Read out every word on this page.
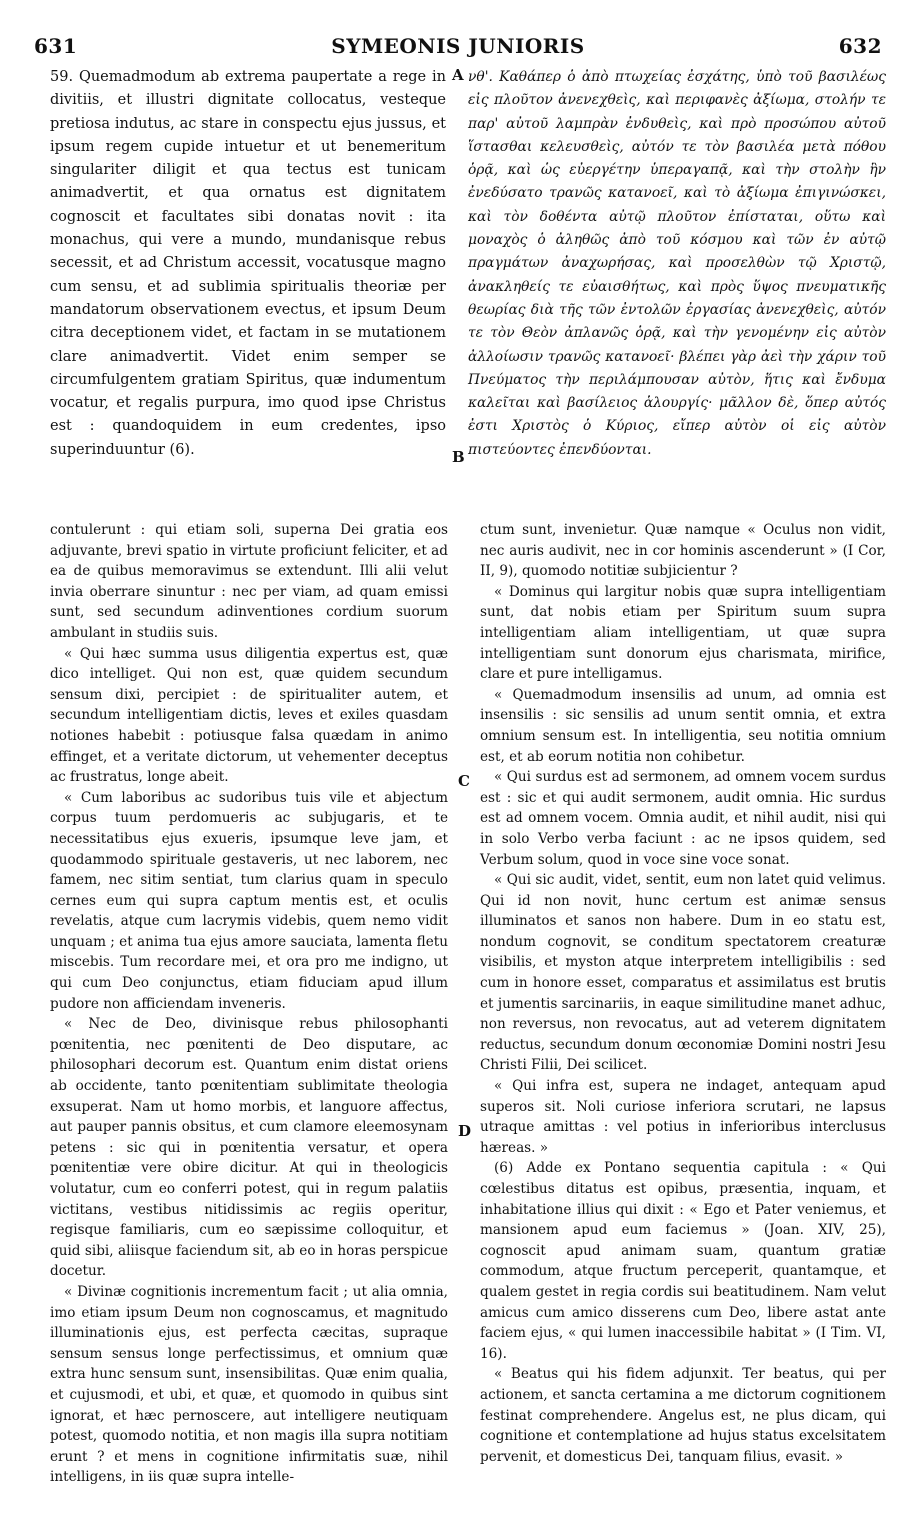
631	SYMEONIS JUNIORIS	632
59. Quemadmodum ab extrema paupertate a rege in divitiis, et illustri dignitate collocatus, vesteque pretiosa indutus, ac stare in conspectu ejus jussus, et ipsum regem cupide intuetur et ut benemeritum singulariter diligit et qua tectus est tunicam animadvertit, et qua ornatus est dignitatem cognoscit et facultates sibi donatas novit : ita monachus, qui vere a mundo, mundanisque rebus secessit, et ad Christum accessit, vocatusque magno cum sensu, et ad sublimia spiritualis theoriæ per mandatorum observationem evectus, et ipsum Deum citra deceptionem videt, et factam in se mutationem clare animadvertit. Videt enim semper se circumfulgentem gratiam Spiritus, quæ indumentum vocatur, et regalis purpura, imo quod ipse Christus est : quandoquidem in eum credentes, ipso superinduuntur (6).
νθ'. Καθάπερ ὁ ἀπὸ πτωχείας ἐσχάτης, ὑπὸ τοῦ βασιλέως εἰς πλοῦτον ἀνενεχθεὶς, καὶ περιφανὲς ἀξίωμα, στολήν τε παρ' αὐτοῦ λαμπρὰν ἐνδυθεὶς, καὶ πρὸ προσώπου αὐτοῦ ἵστασθαι κελευσθεὶς, αὐτόν τε τὸν βασιλέα μετὰ πόθου ὁρᾷ, καὶ ὡς εὐεργέτην ὑπεραγαπᾷ, καὶ τὴν στολὴν ἣν ἐνεδύσατο τρανῶς κατανοεῖ, καὶ τὸ ἀξίωμα ἐπιγινώσκει, καὶ τὸν δοθέντα αὐτῷ πλοῦτον ἐπίσταται, οὕτω καὶ μοναχὸς ὁ ἀληθῶς ἀπὸ τοῦ κόσμου καὶ τῶν ἐν αὐτῷ πραγμάτων ἀναχωρήσας, καὶ προσελθὼν τῷ Χριστῷ, ἀνακληθείς τε εὐαισθήτως, καὶ πρὸς ὕψος πνευματικῆς θεωρίας διὰ τῆς τῶν ἐντολῶν ἐργασίας ἀνενεχθεὶς, αὐτόν τε τὸν Θεὸν ἀπλανῶς ὁρᾷ, καὶ τὴν γενομένην εἰς αὐτὸν ἀλλοίωσιν τρανῶς κατανοεῖ· βλέπει γὰρ ἀεὶ τὴν χάριν τοῦ Πνεύματος τὴν περιλάμπουσαν αὐτὸν, ἥτις καὶ ἔνδυμα καλεῖται καὶ βασίλειος ἁλουργίς· μᾶλλον δὲ, ὅπερ αὐτός ἐστι Χριστὸς ὁ Κύριος, εἴπερ αὐτὸν οἱ εἰς αὐτὸν πιστεύοντες ἐπενδύονται.
A
B
C
D

contulerunt : qui etiam soli, superna Dei gratia eos adjuvante, brevi spatio in virtute proficiunt feliciter, et ad ea de quibus memoravimus se extendunt. Illi alii velut invia oberrare sinuntur : nec per viam, ad quam emissi sunt, sed secundum adinventiones cordium suorum ambulant in studiis suis.

« Qui hæc summa usus diligentia expertus est, quæ dico intelliget. Qui non est, quæ quidem secundum sensum dixi, percipiet : de spiritualiter autem, et secundum intelligentiam dictis, leves et exiles quasdam notiones habebit : potiusque falsa quædam in animo effinget, et a veritate dictorum, ut vehementer deceptus ac frustratus, longe abeit.

« Cum laboribus ac sudoribus tuis vile et abjectum corpus tuum perdomueris ac subjugaris, et te necessitatibus ejus exueris, ipsumque leve jam, et quodammodo spirituale gestaveris, ut nec laborem, nec famem, nec sitim sentiat, tum clarius quam in speculo cernes eum qui supra captum mentis est, et oculis revelatis, atque cum lacrymis videbis, quem nemo vidit unquam ; et anima tua ejus amore sauciata, lamenta fletu miscebis. Tum recordare mei, et ora pro me indigno, ut qui cum Deo conjunctus, etiam fiduciam apud illum pudore non afficiendam inveneris.

« Nec de Deo, divinisque rebus philosophanti pœnitentia, nec pœnitenti de Deo disputare, ac philosophari decorum est. Quantum enim distat oriens ab occidente, tanto pœnitentiam sublimitate theologia exsuperat. Nam ut homo morbis, et languore affectus, aut pauper pannis obsitus, et cum clamore eleemosynam petens : sic qui in pœnitentia versatur, et opera pœnitentiæ vere obire dicitur. At qui in theologicis volutatur, cum eo conferri potest, qui in regum palatiis victitans, vestibus nitidissimis ac regiis operitur, regisque familiaris, cum eo sæpissime colloquitur, et quid sibi, aliisque faciendum sit, ab eo in horas perspicue docetur.

« Divinæ cognitionis incrementum facit ; ut alia omnia, imo etiam ipsum Deum non cognoscamus, et magnitudo illuminationis ejus, est perfecta cæcitas, supraque sensum sensus longe perfectissimus, et omnium quæ extra hunc sensum sunt, insensibilitas. Quæ enim qualia, et cujusmodi, et ubi, et quæ, et quomodo in quibus sint ignorat, et hæc pernoscere, aut intelligere neutiquam potest, quomodo notitia, et non magis illa supra notitiam erunt ? et mens in cognitione infirmitatis suæ, nihil intelligens, in iis quæ supra intelle-

ctum sunt, invenietur. Quæ namque « Oculus non vidit, nec auris audivit, nec in cor hominis ascenderunt » (I Cor, II, 9), quomodo notitiæ subjicientur ?

« Dominus qui largitur nobis quæ supra intelligentiam sunt, dat nobis etiam per Spiritum suum supra intelligentiam aliam intelligentiam, ut quæ supra intelligentiam sunt donorum ejus charismata, mirifice, clare et pure intelligamus.

« Quemadmodum insensilis ad unum, ad omnia est insensilis : sic sensilis ad unum sentit omnia, et extra omnium sensum est. In intelligentia, seu notitia omnium est, et ab eorum notitia non cohibetur.

« Qui surdus est ad sermonem, ad omnem vocem surdus est : sic et qui audit sermonem, audit omnia. Hic surdus est ad omnem vocem. Omnia audit, et nihil audit, nisi qui in solo Verbo verba faciunt : ac ne ipsos quidem, sed Verbum solum, quod in voce sine voce sonat.

« Qui sic audit, videt, sentit, eum non latet quid velimus. Qui id non novit, hunc certum est animæ sensus illuminatos et sanos non habere. Dum in eo statu est, nondum cognovit, se conditum spectatorem creaturæ visibilis, et myston atque interpretem intelligibilis : sed cum in honore esset, comparatus et assimilatus est brutis et jumentis sarcinariis, in eaque similitudine manet adhuc, non reversus, non revocatus, aut ad veterem dignitatem reductus, secundum donum œconomiæ Domini nostri Jesu Christi Filii, Dei scilicet.

« Qui infra est, supera ne indaget, antequam apud superos sit. Noli curiose inferiora scrutari, ne lapsus utraque amittas : vel potius in inferioribus interclusus hæreas. »

(6) Adde ex Pontano sequentia capitula : « Qui cœlestibus ditatus est opibus, præsentia, inquam, et inhabitatione illius qui dixit : « Ego et Pater veniemus, et mansionem apud eum faciemus » (Joan. XIV, 25), cognoscit apud animam suam, quantum gratiæ commodum, atque fructum perceperit, quantamque, et qualem gestet in regia cordis sui beatitudinem. Nam velut amicus cum amico disserens cum Deo, libere astat ante faciem ejus, « qui lumen inaccessibile habitat » (I Tim. VI, 16).

« Beatus qui his fidem adjunxit. Ter beatus, qui per actionem, et sancta certamina a me dictorum cognitionem festinat comprehendere. Angelus est, ne plus dicam, qui cognitione et contemplatione ad hujus status excelsitatem pervenit, et domesticus Dei, tanquam filius, evasit. »
